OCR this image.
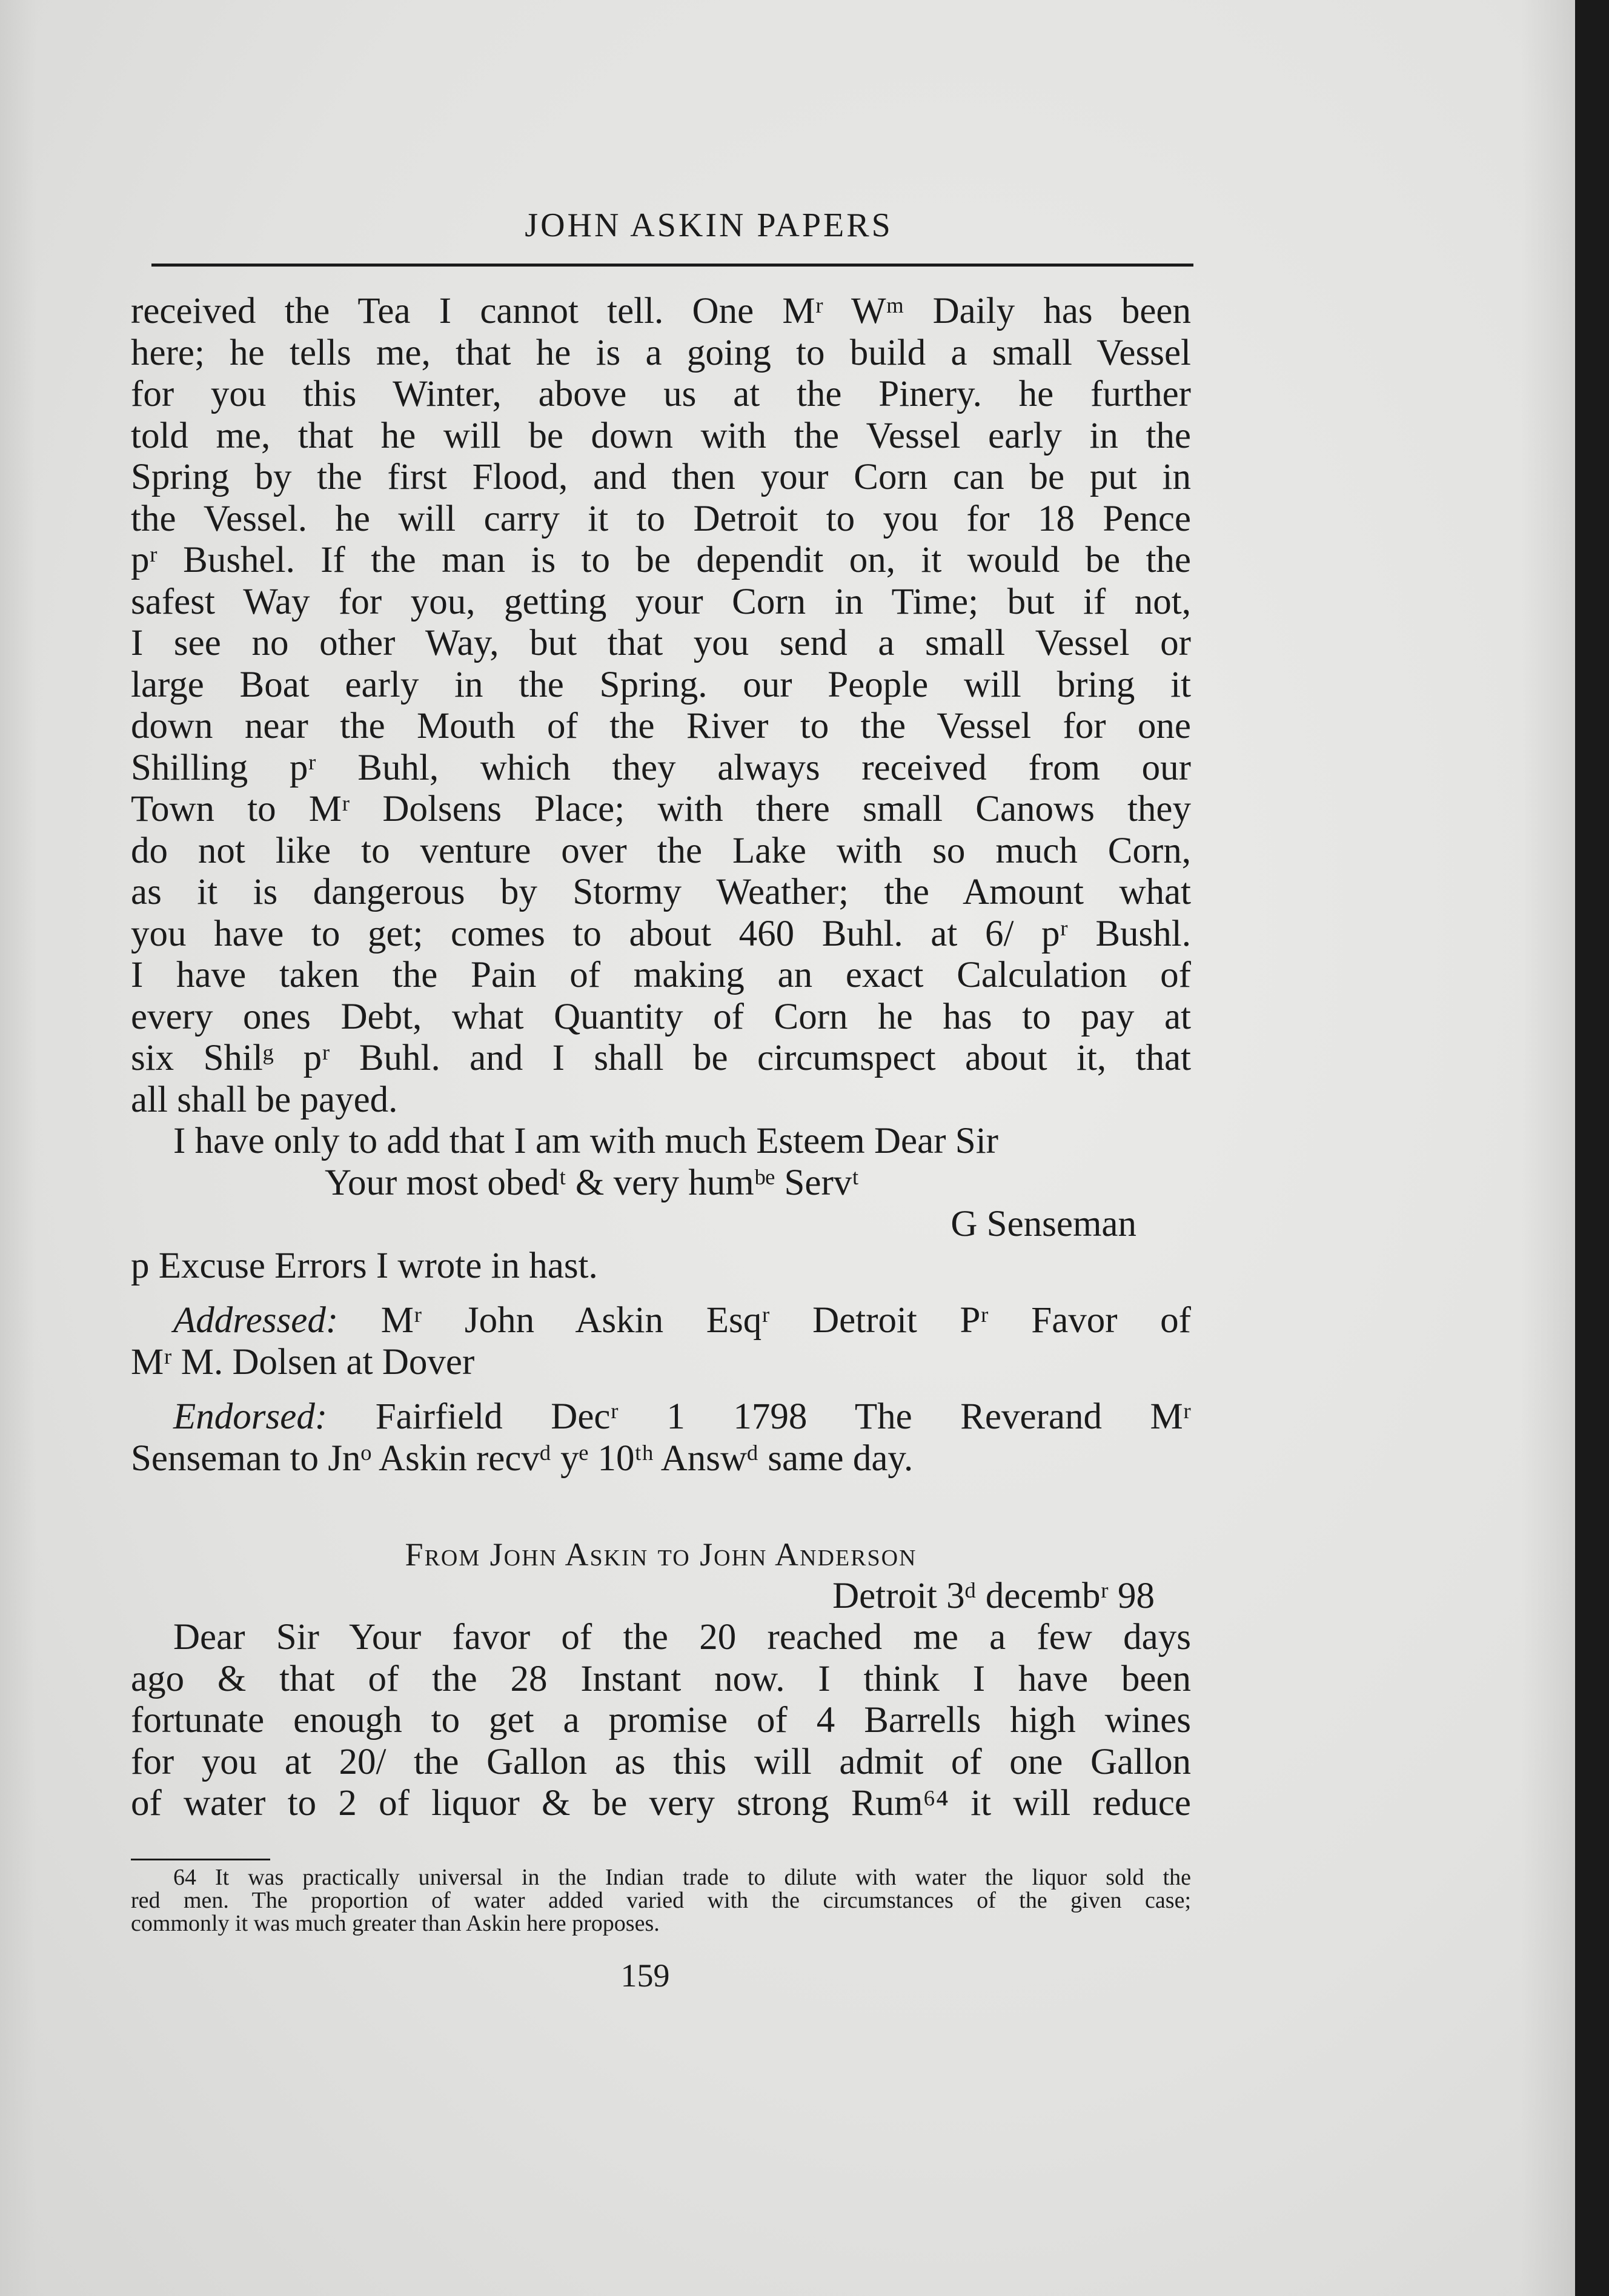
JOHN ASKIN PAPERS
received the Tea I cannot tell. One Mʳ Wᵐ Daily has been
here; he tells me, that he is a going to build a small Vessel
for you this Winter, above us at the Pinery. he further
told me, that he will be down with the Vessel early in the
Spring by the first Flood, and then your Corn can be put in
the Vessel. he will carry it to Detroit to you for 18 Pence
pʳ Bushel. If the man is to be dependit on, it would be the
safest Way for you, getting your Corn in Time; but if not,
I see no other Way, but that you send a small Vessel or
large Boat early in the Spring. our People will bring it
down near the Mouth of the River to the Vessel for one
Shilling pʳ Buhl, which they always received from our
Town to Mʳ Dolsens Place; with there small Canows they
do not like to venture over the Lake with so much Corn,
as it is dangerous by Stormy Weather; the Amount what
you have to get; comes to about 460 Buhl. at 6/ pʳ Bushl.
I have taken the Pain of making an exact Calculation of
every ones Debt, what Quantity of Corn he has to pay at
six Shilᵍ pʳ Buhl. and I shall be circumspect about it, that
all shall be payed.
I have only to add that I am with much Esteem Dear Sir
Your most obedᵗ & very humᵇᵉ Servᵗ
G Senseman
p Excuse Errors I wrote in hast.
Addressed: Mʳ John Askin Esqʳ Detroit Pʳ Favor of
Mʳ M. Dolsen at Dover
Endorsed: Fairfield Decʳ 1 1798 The Reverand Mʳ
Senseman to Jnᵒ Askin recvᵈ yᵉ 10ᵗʰ Answᵈ same day.
From John Askin to John Anderson
Detroit 3ᵈ decembʳ 98
Dear Sir Your favor of the 20 reached me a few days
ago & that of the 28 Instant now. I think I have been
fortunate enough to get a promise of 4 Barrells high wines
for you at 20/ the Gallon as this will admit of one Gallon
of water to 2 of liquor & be very strong Rum⁶⁴ it will reduce
64 It was practically universal in the Indian trade to dilute with water the liquor sold the
red men. The proportion of water added varied with the circumstances of the given case;
commonly it was much greater than Askin here proposes.
159
